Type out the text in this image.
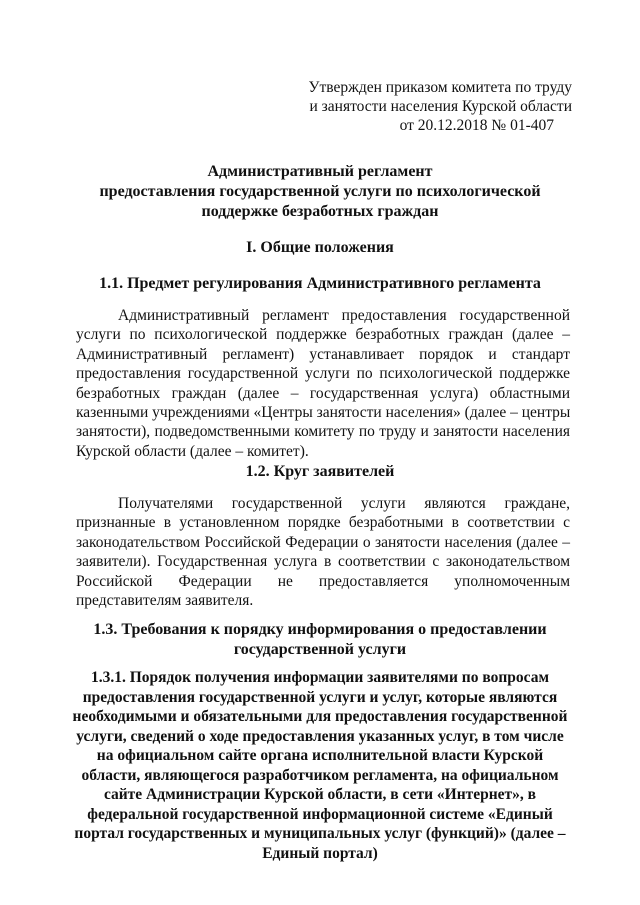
Утвержден приказом комитета по труду
и занятости населения Курской области
от 20.12.2018 № 01-407
Административный регламент
предоставления государственной услуги по психологической
поддержке безработных граждан
I. Общие положения
1.1. Предмет регулирования Административного регламента
Административный регламент предоставления государственной
услуги по психологической поддержке безработных граждан (далее –
Административный регламент) устанавливает порядок и стандарт
предоставления государственной услуги по психологической поддержке
безработных граждан (далее – государственная услуга) областными
казенными учреждениями «Центры занятости населения» (далее – центры
занятости), подведомственными комитету по труду и занятости населения
Курской области (далее – комитет).
1.2. Круг заявителей
Получателями государственной услуги являются граждане,
признанные в установленном порядке безработными в соответствии с
законодательством Российской Федерации о занятости населения (далее –
заявители). Государственная услуга в соответствии с законодательством
Российской Федерации не предоставляется уполномоченным
представителям заявителя.
1.3. Требования к порядку информирования о предоставлении
государственной услуги
1.3.1. Порядок получения информации заявителями по вопросам
предоставления государственной услуги и услуг, которые являются
необходимыми и обязательными для предоставления государственной
услуги, сведений о ходе предоставления указанных услуг, в том числе
на официальном сайте органа исполнительной власти Курской
области, являющегося разработчиком регламента, на официальном
сайте Администрации Курской области, в сети «Интернет», в
федеральной государственной информационной системе «Единый
портал государственных и муниципальных услуг (функций)» (далее –
Единый портал)
